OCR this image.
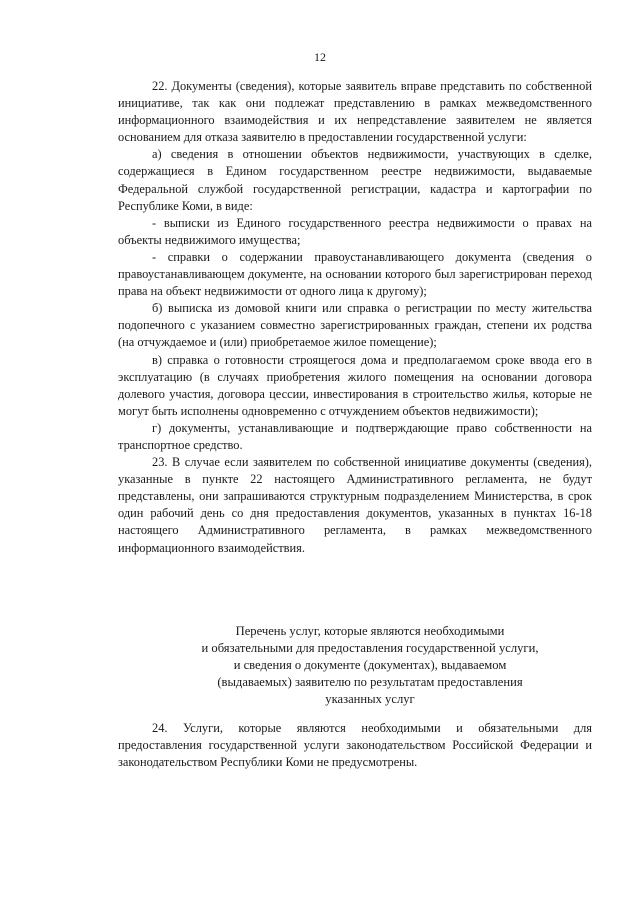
12

22. Документы (сведения), которые заявитель вправе представить по собственной инициативе, так как они подлежат представлению в рамках межведомственного информационного взаимодействия и их непредставление заявителем не является основанием для отказа заявителю в предоставлении государственной услуги:

а) сведения в отношении объектов недвижимости, участвующих в сделке, содержащиеся в Едином государственном реестре недвижимости, выдаваемые Федеральной службой государственной регистрации, кадастра и картографии по Республике Коми, в виде:

- выписки из Единого государственного реестра недвижимости о правах на объекты недвижимого имущества;

- справки о содержании правоустанавливающего документа (сведения о правоустанавливающем документе, на основании которого был зарегистрирован переход права на объект недвижимости от одного лица к другому);

б) выписка из домовой книги или справка о регистрации по месту жительства подопечного с указанием совместно зарегистрированных граждан, степени их родства (на отчуждаемое и (или) приобретаемое жилое помещение);

в) справка о готовности строящегося дома и предполагаемом сроке ввода его в эксплуатацию (в случаях приобретения жилого помещения на основании договора долевого участия, договора цессии, инвестирования в строительство жилья, которые не могут быть исполнены одновременно с отчуждением объектов недвижимости);

г) документы, устанавливающие и подтверждающие право собственности на транспортное средство.

23. В случае если заявителем по собственной инициативе документы (сведения), указанные в пункте 22 настоящего Административного регламента, не будут представлены, они запрашиваются структурным подразделением Министерства, в срок один рабочий день со дня предоставления документов, указанных в пунктах 16-18 настоящего Административного регламента, в рамках межведомственного информационного взаимодействия.

Перечень услуг, которые являются необходимыми
и обязательными для предоставления государственной услуги,
и сведения о документе (документах), выдаваемом
(выдаваемых) заявителю по результатам предоставления
указанных услуг

24. Услуги, которые являются необходимыми и обязательными для предоставления государственной услуги законодательством Российской Федерации и законодательством Республики Коми не предусмотрены.
